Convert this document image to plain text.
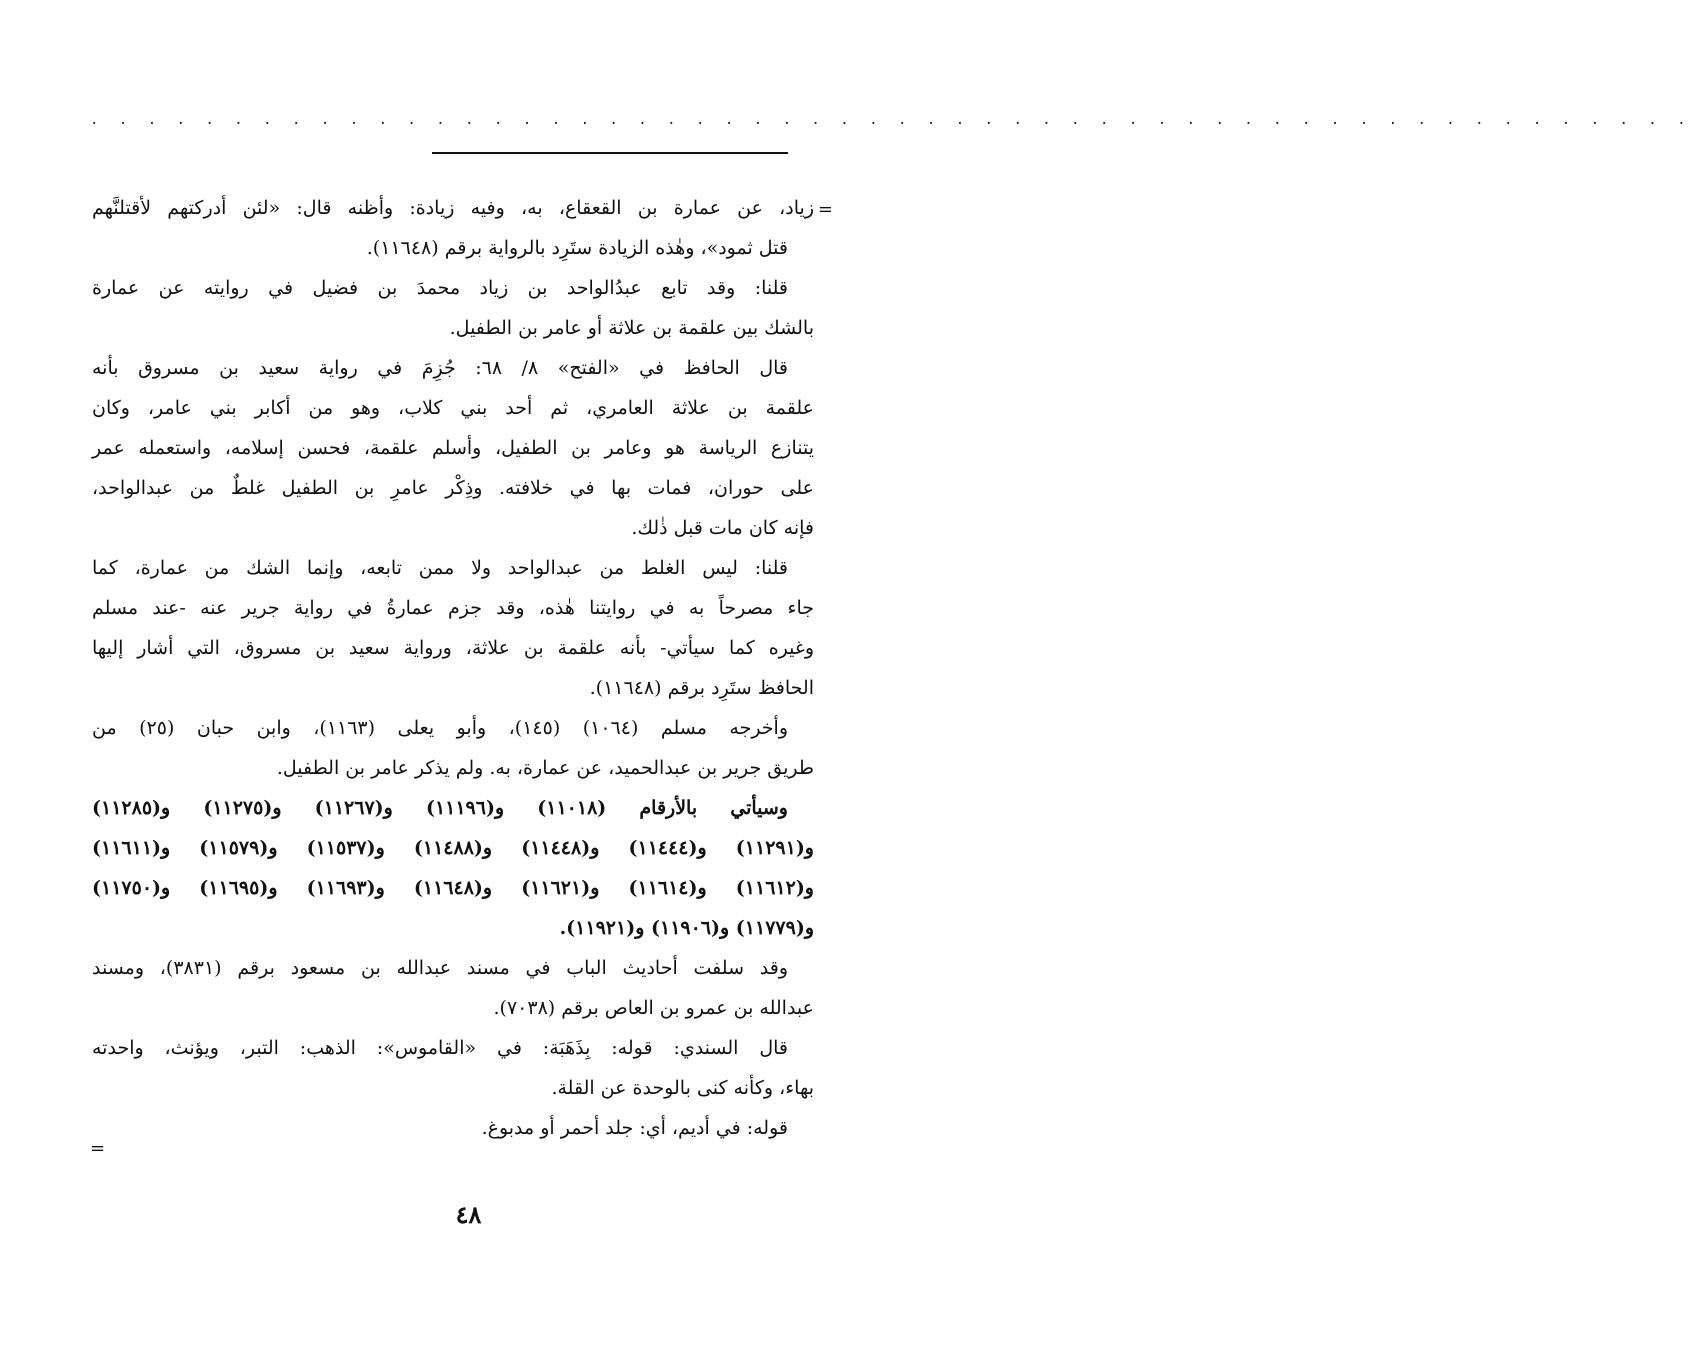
. . . . . . . . . . . . . . . . . . . . . . . . . . . . . . . . . . . . . . . . . . . . . . . . . . . . . . . .
=
زياد، عن عمارة بن القعقاع، به، وفيه زيادة: وأظنه قال: «لئن أدركتهم لأقتلنَّهم
قتل ثمود»، وهٰذه الزيادة ستَرِد بالرواية برقم (١١٦٤٨).
قلنا: وقد تابع عبدُالواحد بن زياد محمدَ بن فضيل في روايته عن عمارة
بالشك بين علقمة بن علاثة أو عامر بن الطفيل.
قال الحافظ في «الفتح» ٨/ ٦٨: جُزِمَ في رواية سعيد بن مسروق بأنه
علقمة بن علاثة العامري، ثم أحد بني كلاب، وهو من أكابر بني عامر، وكان
يتنازع الرياسة هو وعامر بن الطفيل، وأسلم علقمة، فحسن إسلامه، واستعمله عمر
على حوران، فمات بها في خلافته. وذِكْر عامرِ بن الطفيل غلطٌ من عبدالواحد،
فإنه كان مات قبل ذٰلك.
قلنا: ليس الغلط من عبدالواحد ولا ممن تابعه، وإنما الشك من عمارة، كما
جاء مصرحاً به في روايتنا هٰذه، وقد جزم عمارةُ في رواية جرير عنه -عند مسلم
وغيره كما سيأتي- بأنه علقمة بن علاثة، ورواية سعيد بن مسروق، التي أشار إليها
الحافظ ستَرِد برقم (١١٦٤٨).
وأخرجه مسلم (١٠٦٤) (١٤٥)، وأبو يعلى (١١٦٣)، وابن حبان (٢٥) من
طريق جرير بن عبدالحميد، عن عمارة، به. ولم يذكر عامر بن الطفيل.
وسيأتي بالأرقام (١١٠١٨) و(١١١٩٦) و(١١٢٦٧) و(١١٢٧٥) و(١١٢٨٥)
و(١١٢٩١) و(١١٤٤٤) و(١١٤٤٨) و(١١٤٨٨) و(١١٥٣٧) و(١١٥٧٩) و(١١٦١١)
و(١١٦١٢) و(١١٦١٤) و(١١٦٢١) و(١١٦٤٨) و(١١٦٩٣) و(١١٦٩٥) و(١١٧٥٠)
و(١١٧٧٩) و(١١٩٠٦) و(١١٩٢١).
وقد سلفت أحاديث الباب في مسند عبدالله بن مسعود برقم (٣٨٣١)، ومسند
عبدالله بن عمرو بن العاص برقم (٧٠٣٨).
قال السندي: قوله: بِذَهَبَة: في «القاموس»: الذهب: التبر، ويؤنث، واحدته
بهاء، وكأنه كنى بالوحدة عن القلة.
قوله: في أديم، أي: جلد أحمر أو مدبوغ.
=
٤٨
